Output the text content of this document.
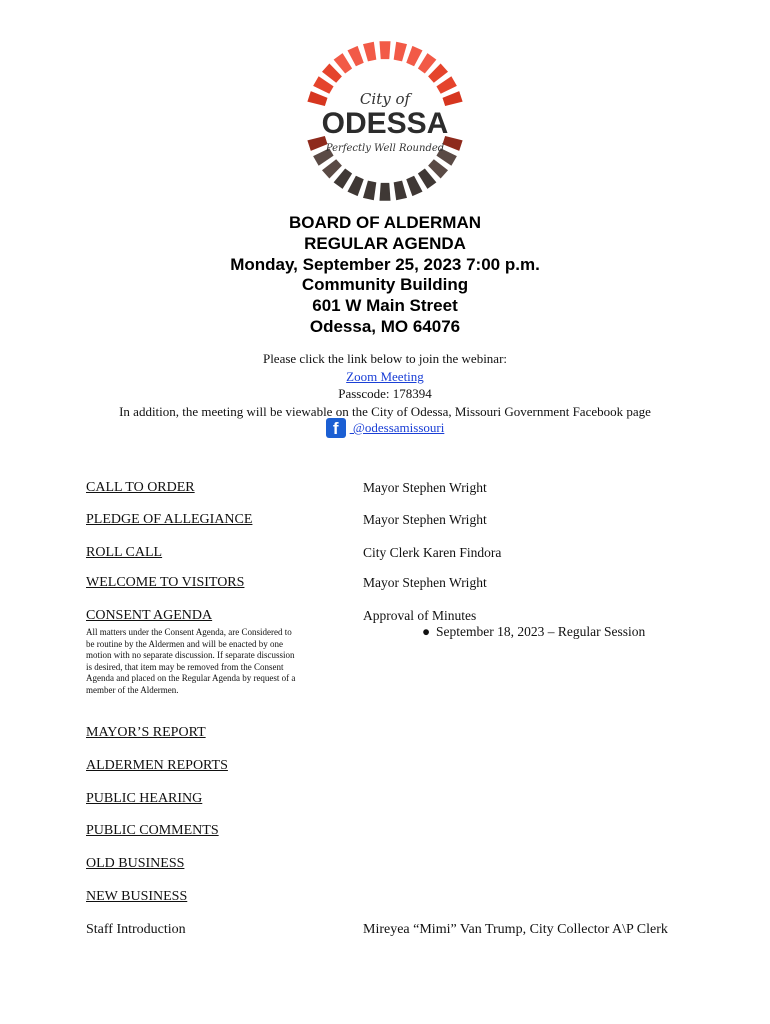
City of
ODESSA
Perfectly Well Rounded
BOARD OF ALDERMAN
REGULAR AGENDA
Monday, September 25, 2023 7:00 p.m.
Community Building
601 W Main Street
Odessa, MO 64076
Please click the link below to join the webinar:
Zoom Meeting
Passcode: 178394
In addition, the meeting will be viewable on the City of Odessa, Missouri Government Facebook page
f @odessamissouri
CALL TO ORDER	Mayor Stephen Wright
PLEDGE OF ALLEGIANCE	Mayor Stephen Wright
ROLL CALL	City Clerk Karen Findora
WELCOME TO VISITORS	Mayor Stephen Wright
CONSENT AGENDA	Approval of Minutes
● September 18, 2023 – Regular Session
All matters under the Consent Agenda, are Considered to be routine by the Aldermen and will be enacted by one motion with no separate discussion. If separate discussion is desired, that item may be removed from the Consent Agenda and placed on the Regular Agenda by request of a member of the Aldermen.
MAYOR’S REPORT
ALDERMEN REPORTS
PUBLIC HEARING
PUBLIC COMMENTS
OLD BUSINESS
NEW BUSINESS
Staff Introduction	Mireyea “Mimi” Van Trump, City Collector A\P Clerk
